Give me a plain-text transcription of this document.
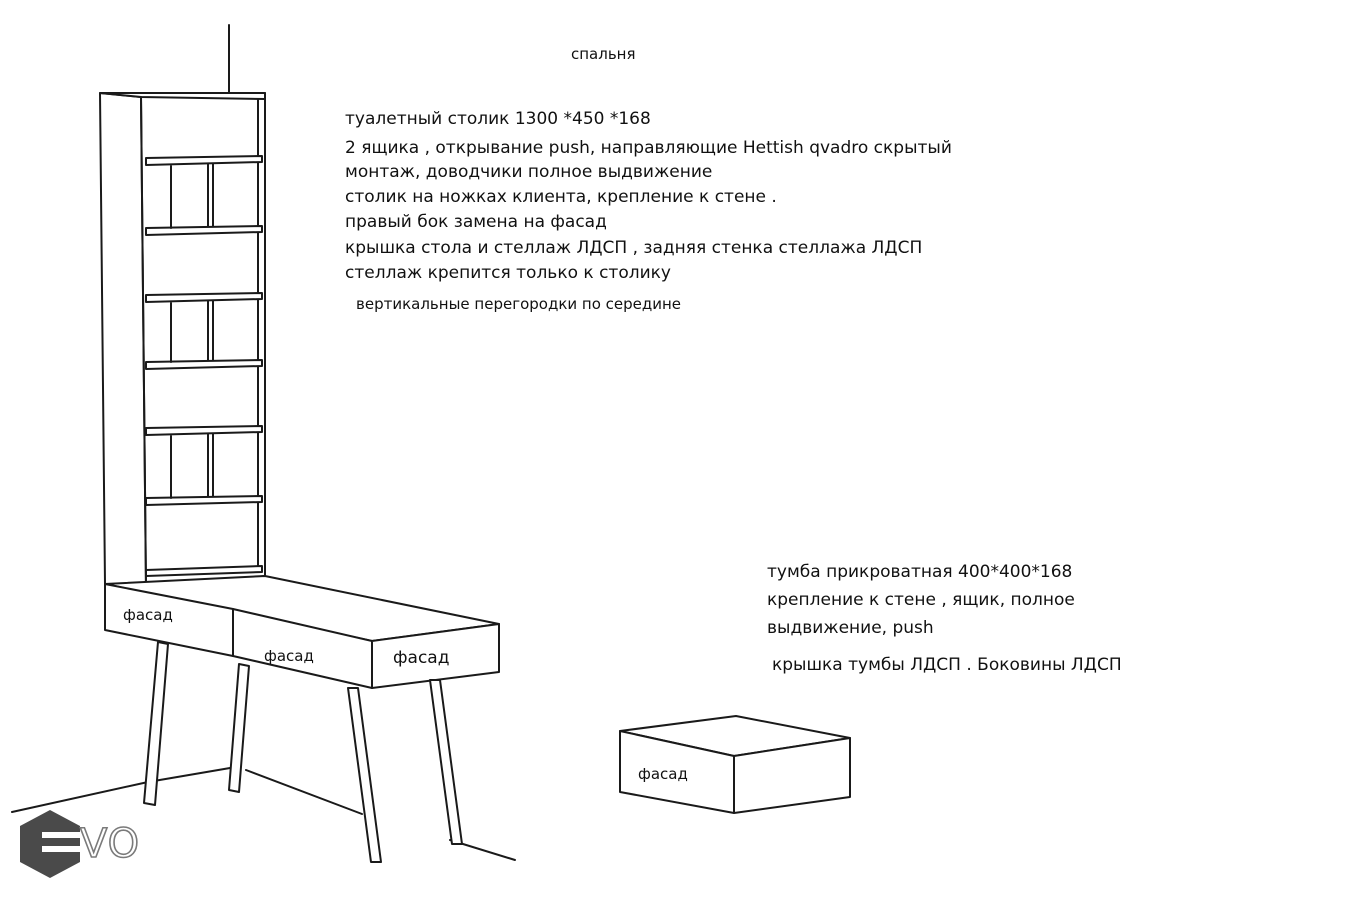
спальня
туалетный столик 1300 *450 *168
2 ящика , открывание push, направляющие Hettish qvadro скрытый
монтаж, доводчики полное выдвижение
столик на ножках клиента, крепление к стене .
правый бок замена на фасад
крышка стола и стеллаж ЛДСП , задняя стенка стеллажа ЛДСП
стеллаж крепится только к столику
вертикальные перегородки по середине
тумба прикроватная 400*400*168
крепление к стене , ящик, полное
выдвижение, push
крышка тумбы ЛДСП . Боковины ЛДСП
фасад
фасад	фасад
фасад
VO
